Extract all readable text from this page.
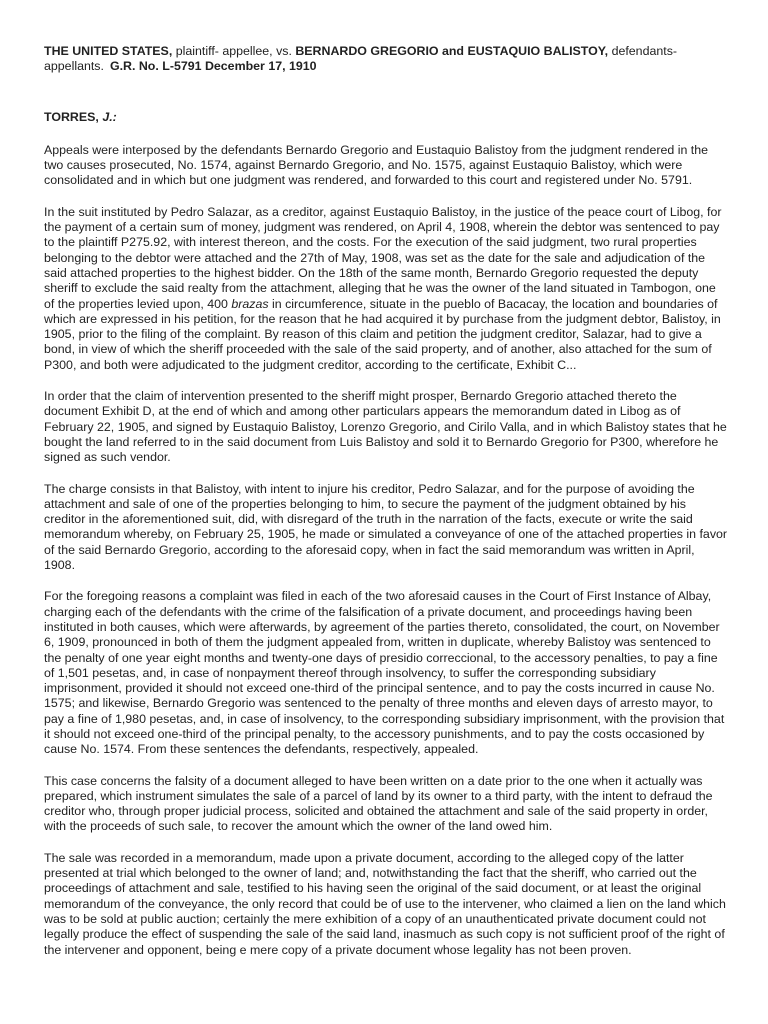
THE UNITED STATES, plaintiff- appellee, vs. BERNARDO GREGORIO and EUSTAQUIO BALISTOY, defendants-appellants. G.R. No. L-5791 December 17, 1910
TORRES, J.:

Appeals were interposed by the defendants Bernardo Gregorio and Eustaquio Balistoy from the judgment rendered in the two causes prosecuted, No. 1574, against Bernardo Gregorio, and No. 1575, against Eustaquio Balistoy, which were consolidated and in which but one judgment was rendered, and forwarded to this court and registered under No. 5791.

In the suit instituted by Pedro Salazar, as a creditor, against Eustaquio Balistoy, in the justice of the peace court of Libog, for the payment of a certain sum of money, judgment was rendered, on April 4, 1908, wherein the debtor was sentenced to pay to the plaintiff P275.92, with interest thereon, and the costs. For the execution of the said judgment, two rural properties belonging to the debtor were attached and the 27th of May, 1908, was set as the date for the sale and adjudication of the said attached properties to the highest bidder. On the 18th of the same month, Bernardo Gregorio requested the deputy sheriff to exclude the said realty from the attachment, alleging that he was the owner of the land situated in Tambogon, one of the properties levied upon, 400 brazas in circumference, situate in the pueblo of Bacacay, the location and boundaries of which are expressed in his petition, for the reason that he had acquired it by purchase from the judgment debtor, Balistoy, in 1905, prior to the filing of the complaint. By reason of this claim and petition the judgment creditor, Salazar, had to give a bond, in view of which the sheriff proceeded with the sale of the said property, and of another, also attached for the sum of P300, and both were adjudicated to the judgment creditor, according to the certificate, Exhibit C...

In order that the claim of intervention presented to the sheriff might prosper, Bernardo Gregorio attached thereto the document Exhibit D, at the end of which and among other particulars appears the memorandum dated in Libog as of February 22, 1905, and signed by Eustaquio Balistoy, Lorenzo Gregorio, and Cirilo Valla, and in which Balistoy states that he bought the land referred to in the said document from Luis Balistoy and sold it to Bernardo Gregorio for P300, wherefore he signed as such vendor.

The charge consists in that Balistoy, with intent to injure his creditor, Pedro Salazar, and for the purpose of avoiding the attachment and sale of one of the properties belonging to him, to secure the payment of the judgment obtained by his creditor in the aforementioned suit, did, with disregard of the truth in the narration of the facts, execute or write the said memorandum whereby, on February 25, 1905, he made or simulated a conveyance of one of the attached properties in favor of the said Bernardo Gregorio, according to the aforesaid copy, when in fact the said memorandum was written in April, 1908.

For the foregoing reasons a complaint was filed in each of the two aforesaid causes in the Court of First Instance of Albay, charging each of the defendants with the crime of the falsification of a private document, and proceedings having been instituted in both causes, which were afterwards, by agreement of the parties thereto, consolidated, the court, on November 6, 1909, pronounced in both of them the judgment appealed from, written in duplicate, whereby Balistoy was sentenced to the penalty of one year eight months and twenty-one days of presidio correccional, to the accessory penalties, to pay a fine of 1,501 pesetas, and, in case of nonpayment thereof through insolvency, to suffer the corresponding subsidiary imprisonment, provided it should not exceed one-third of the principal sentence, and to pay the costs incurred in cause No. 1575; and likewise, Bernardo Gregorio was sentenced to the penalty of three months and eleven days of arresto mayor, to pay a fine of 1,980 pesetas, and, in case of insolvency, to the corresponding subsidiary imprisonment, with the provision that it should not exceed one-third of the principal penalty, to the accessory punishments, and to pay the costs occasioned by cause No. 1574. From these sentences the defendants, respectively, appealed.

This case concerns the falsity of a document alleged to have been written on a date prior to the one when it actually was prepared, which instrument simulates the sale of a parcel of land by its owner to a third party, with the intent to defraud the creditor who, through proper judicial process, solicited and obtained the attachment and sale of the said property in order, with the proceeds of such sale, to recover the amount which the owner of the land owed him.

The sale was recorded in a memorandum, made upon a private document, according to the alleged copy of the latter presented at trial which belonged to the owner of land; and, notwithstanding the fact that the sheriff, who carried out the proceedings of attachment and sale, testified to his having seen the original of the said document, or at least the original memorandum of the conveyance, the only record that could be of use to the intervener, who claimed a lien on the land which was to be sold at public auction; certainly the mere exhibition of a copy of an unauthenticated private document could not legally produce the effect of suspending the sale of the said land, inasmuch as such copy is not sufficient proof of the right of the intervener and opponent, being e mere copy of a private document whose legality has not been proven.
